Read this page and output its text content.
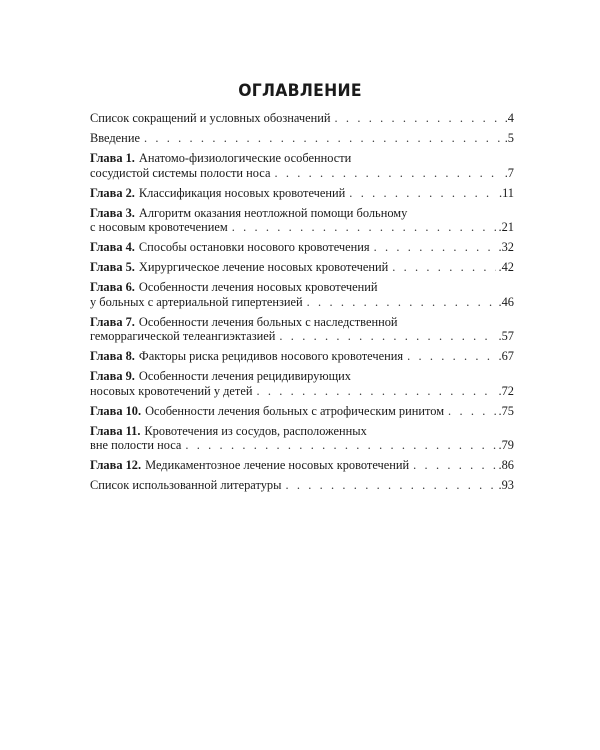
ОГЛАВЛЕНИЕ
Список сокращений и условных обозначений . . .	. 4
Введение . . .	. 5
Глава 1. Анатомо-физиологические особенности
сосудистой системы полости носа . . .	. 7
Глава 2. Классификация носовых кровотечений . . .	. 11
Глава 3. Алгоритм оказания неотложной помощи больному
с носовым кровотечением . . .	. 21
Глава 4. Способы остановки носового кровотечения . . .	. 32
Глава 5. Хирургическое лечение носовых кровотечений . . .	. 42
Глава 6. Особенности лечения носовых кровотечений
у больных с артериальной гипертензией . . .	. 46
Глава 7. Особенности лечения больных с наследственной
геморрагической телеангиэктазией . . .	. 57
Глава 8. Факторы риска рецидивов носового кровотечения . . .	. 67
Глава 9. Особенности лечения рецидивирующих
носовых кровотечений у детей . . .	. 72
Глава 10. Особенности лечения больных с атрофическим ринитом . . .	. 75
Глава 11. Кровотечения из сосудов, расположенных
вне полости носа . . .	. 79
Глава 12. Медикаментозное лечение носовых кровотечений . . .	. 86
Список использованной литературы . . .	. 93
